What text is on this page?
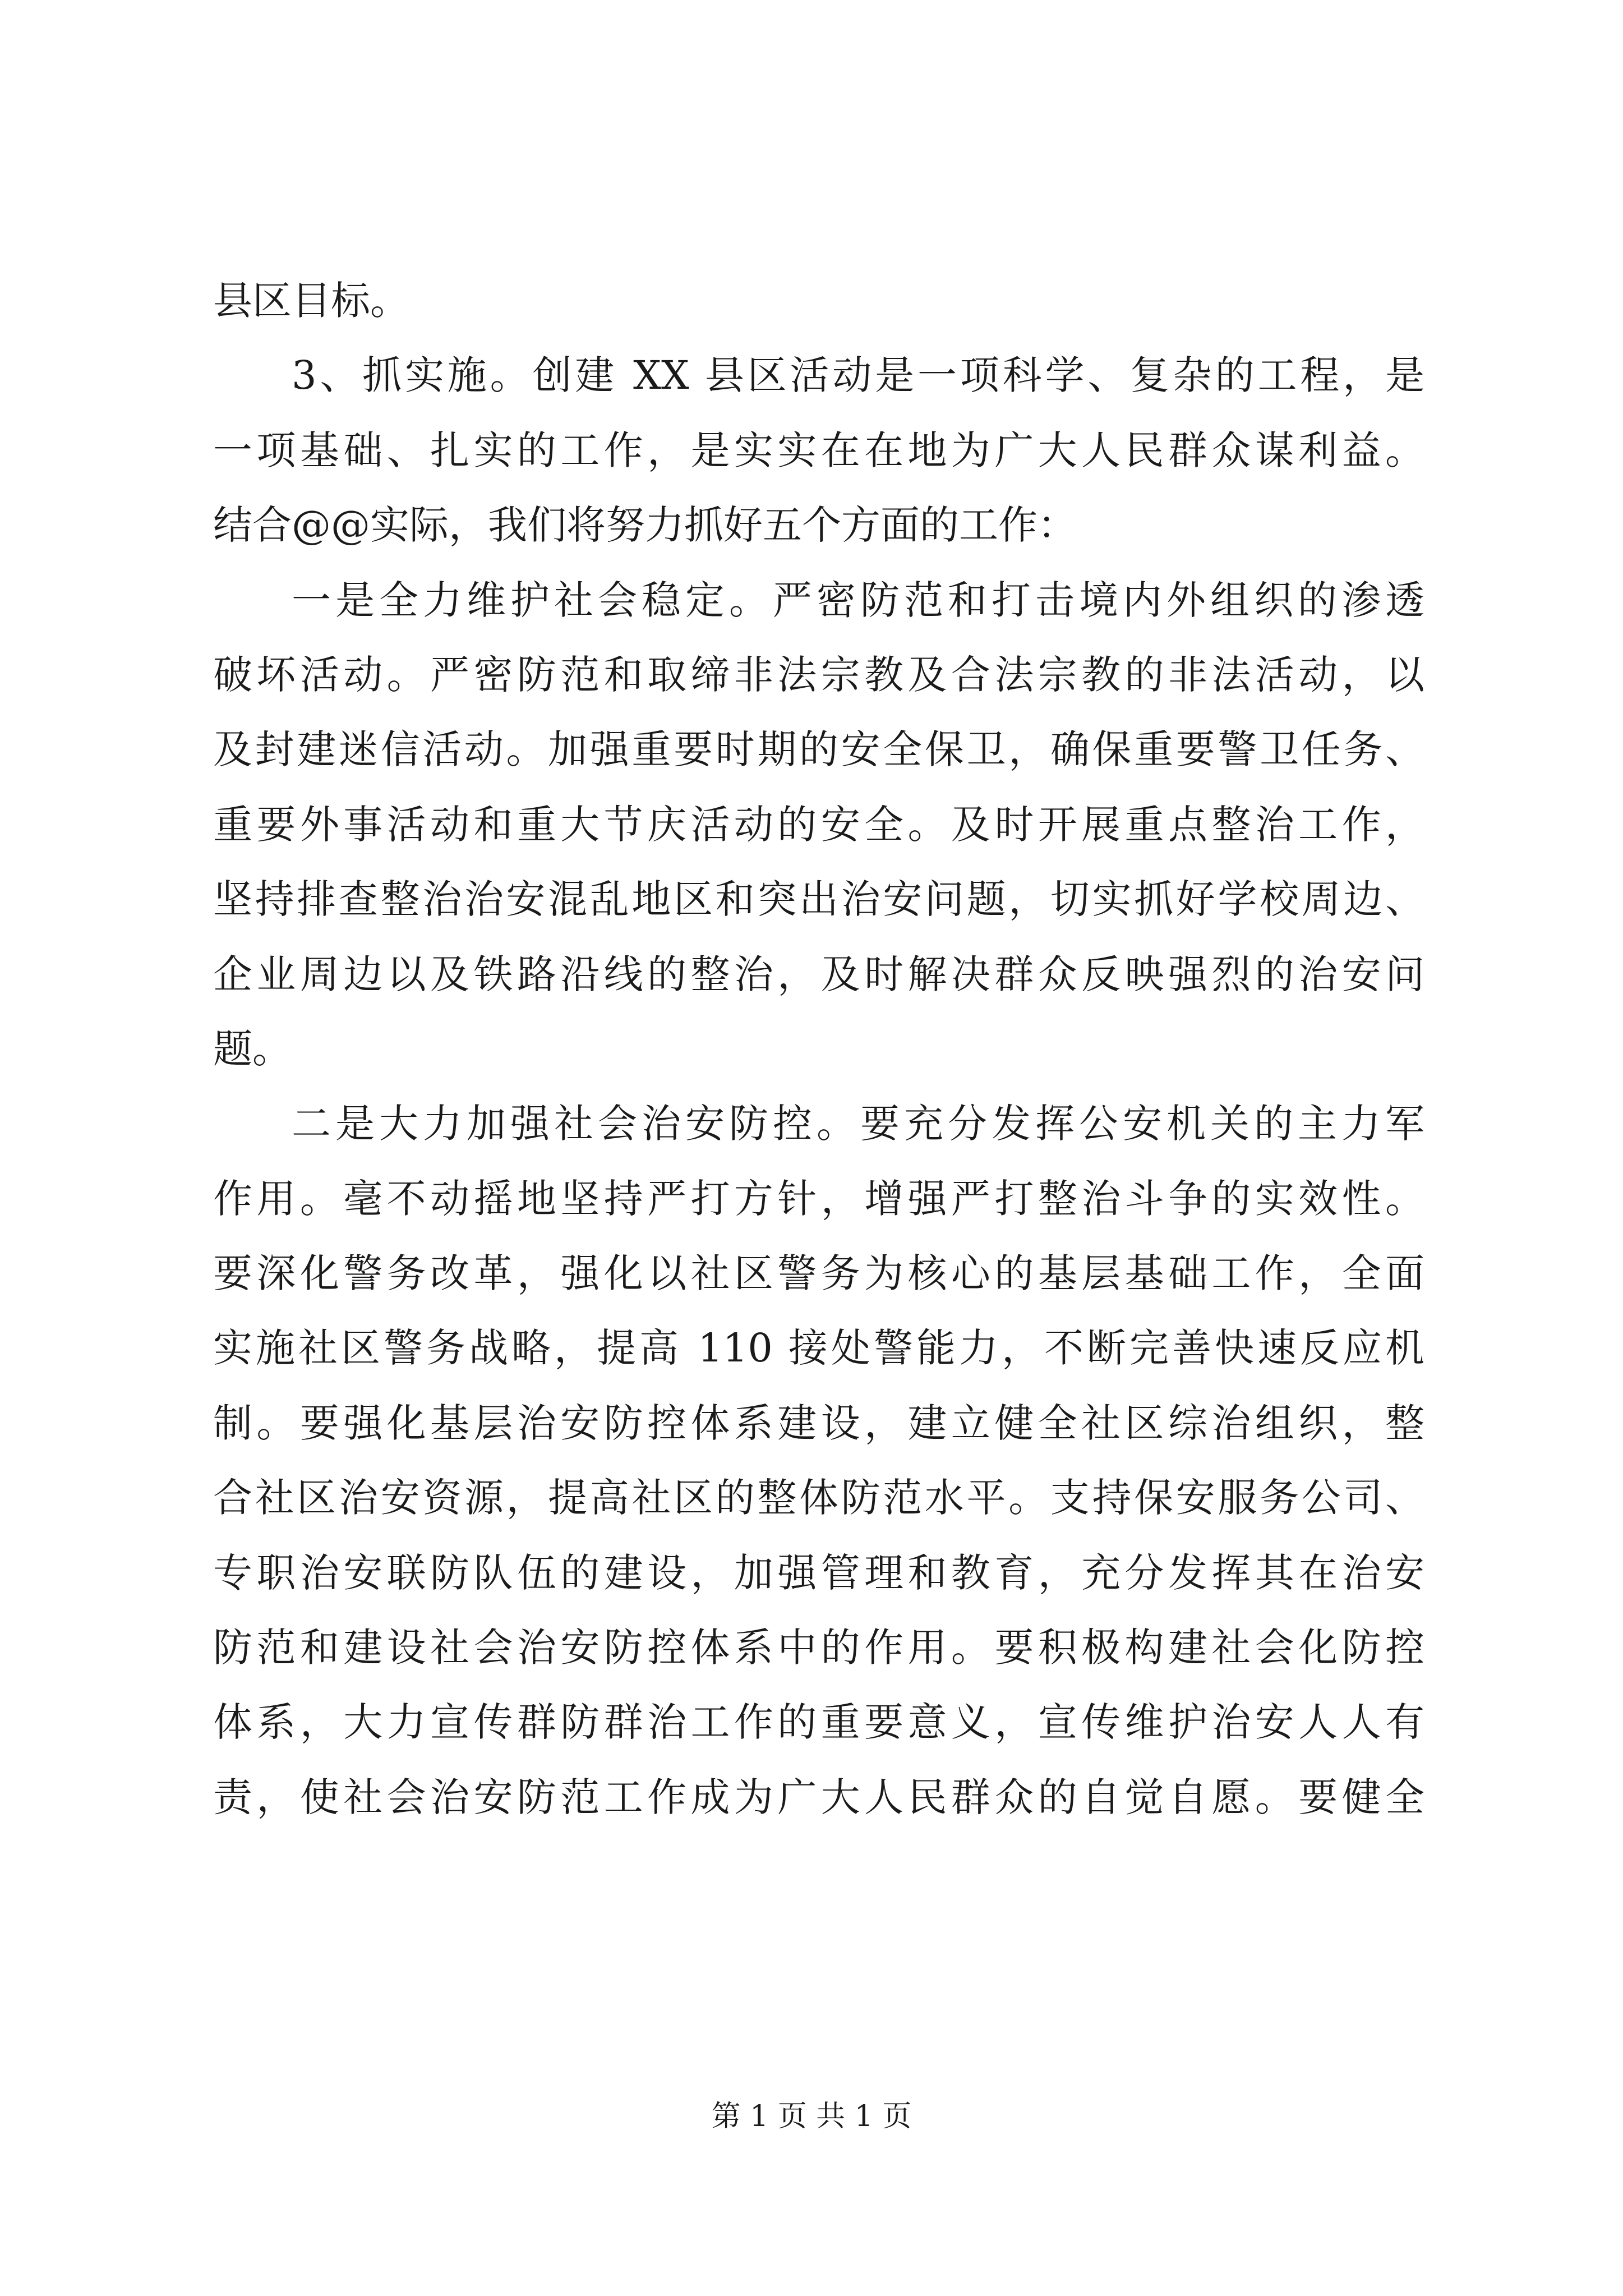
县区目标。
3、抓实施。创建 XX 县区活动是一项科学、复杂的工程，是
一项基础、扎实的工作，是实实在在地为广大人民群众谋利益。
结合@@实际，我们将努力抓好五个方面的工作：
一是全力维护社会稳定。严密防范和打击境内外组织的渗透
破坏活动。严密防范和取缔非法宗教及合法宗教的非法活动，以
及封建迷信活动。加强重要时期的安全保卫，确保重要警卫任务、
重要外事活动和重大节庆活动的安全。及时开展重点整治工作，
坚持排查整治治安混乱地区和突出治安问题，切实抓好学校周边、
企业周边以及铁路沿线的整治，及时解决群众反映强烈的治安问
题。
二是大力加强社会治安防控。要充分发挥公安机关的主力军
作用。毫不动摇地坚持严打方针，增强严打整治斗争的实效性。
要深化警务改革，强化以社区警务为核心的基层基础工作，全面
实施社区警务战略，提高 110 接处警能力，不断完善快速反应机
制。要强化基层治安防控体系建设，建立健全社区综治组织，整
合社区治安资源，提高社区的整体防范水平。支持保安服务公司、
专职治安联防队伍的建设，加强管理和教育，充分发挥其在治安
防范和建设社会治安防控体系中的作用。要积极构建社会化防控
体系，大力宣传群防群治工作的重要意义，宣传维护治安人人有
责，使社会治安防范工作成为广大人民群众的自觉自愿。要健全
第 1 页 共 1 页
